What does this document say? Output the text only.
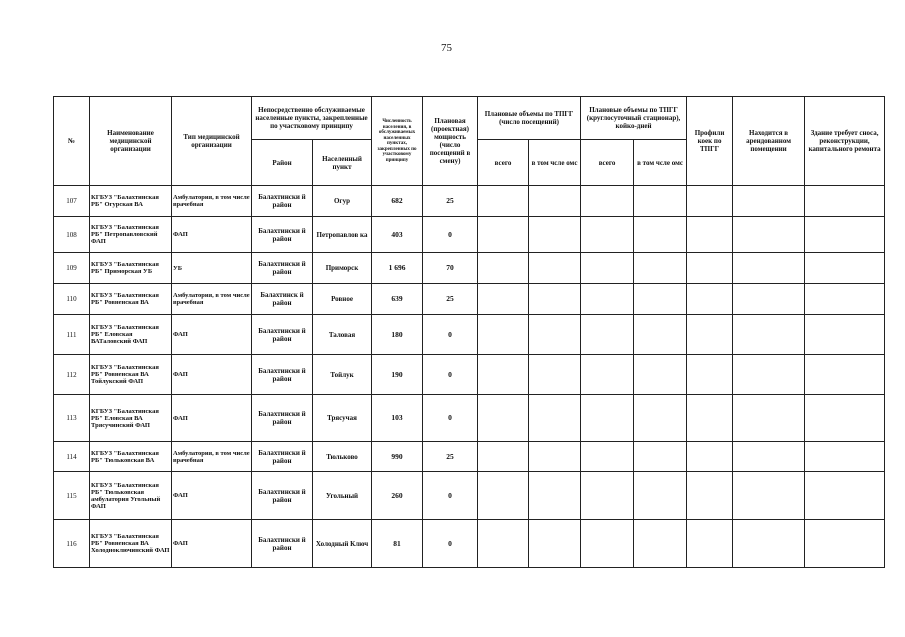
75
№	Наименование медицинской организации	Тип медицинской организации	Непосредственно обслуживаемые населенные пункты, закрепленные по участковому принципу		Численность населения, в обслуживаемых населенных пунктах, закрепленных по участковому принципу	Плановая (проектная) мощность (число посещений в смену)	Плановые объемы по ТПГГ (число посещений)		Плановые объемы по ТПГГ (круглосуточный стационар), койко-дней		Профили коек по ТПГГ	Находится в арендованном помещении	Здание требует сноса, реконструкции, капитального ремонта
			Район	Населенный пункт			всего	в том чсле омс	всего	в том чсле омс			
107	КГБУЗ "Балахтинская РБ" Огурская ВА	Амбулатория, в том числе врачебная	Балахтински й район	Огур	682	25							
108	КГБУЗ "Балахтинская РБ" Петропавловский ФАП	ФАП	Балахтински й район	Петропавлов ка	403	0							
109	КГБУЗ "Балахтинская РБ" Приморская УБ	УБ	Балахтински й район	Приморск	1 696	70							
110	КГБУЗ "Балахтинская РБ" Ровненская ВА	Амбулатория, в том числе врачебная	Балахтинск й район	Ровное	639	25							
111	КГБУЗ "Балахтинская РБ" Еловская ВАТаловский ФАП	ФАП	Балахтински й район	Таловая	180	0							
112	КГБУЗ "Балахтинская РБ" Ровненская ВА Тойлукский ФАП	ФАП	Балахтински й район	Тойлук	190	0							
113	КГБУЗ "Балахтинская РБ" Еловская ВА Трясучинский ФАП	ФАП	Балахтински й район	Трясучая	103	0							
114	КГБУЗ "Балахтинская РБ" Тюльковская ВА	Амбулатория, в том числе врачебная	Балахтински й район	Тюльково	990	25							
115	КГБУЗ "Балахтинская РБ" Тюльковская амбулатория Угольный ФАП	ФАП	Балахтински й район	Угольный	260	0							
116	КГБУЗ "Балахтинская РБ" Ровненская ВА Холодноключинский ФАП	ФАП	Балахтински й район	Холодный Ключ	81	0							
